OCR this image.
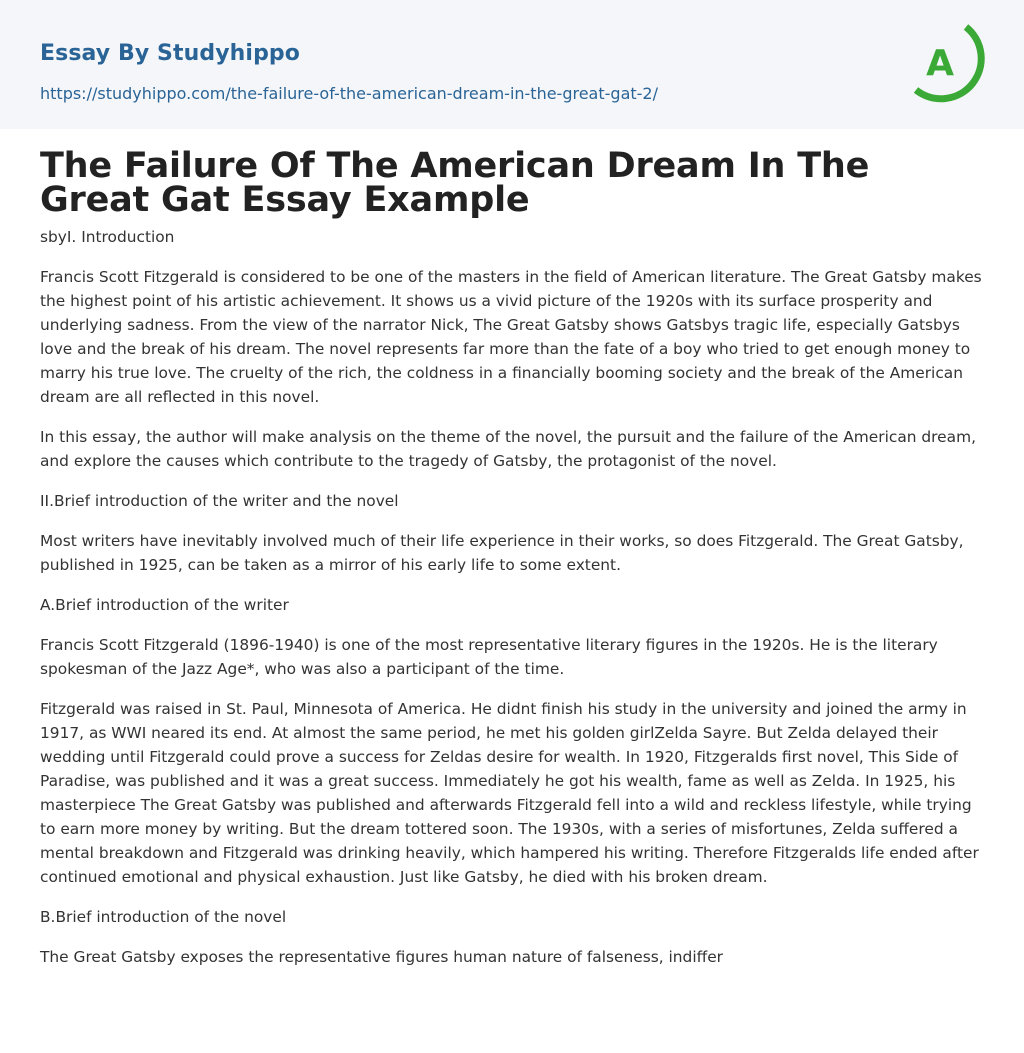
Essay By Studyhippo
https://studyhippo.com/the-failure-of-the-american-dream-in-the-great-gat-2/
A
The Failure Of The American Dream In The Great Gat Essay Example

sbyI. Introduction

Francis Scott Fitzgerald is considered to be one of the masters in the field of American literature. The Great Gatsby makes the highest point of his artistic achievement. It shows us a vivid picture of the 1920s with its surface prosperity and underlying sadness. From the view of the narrator Nick, The Great Gatsby shows Gatsbys tragic life, especially Gatsbys love and the break of his dream. The novel represents far more than the fate of a boy who tried to get enough money to marry his true love. The cruelty of the rich, the coldness in a financially booming society and the break of the American dream are all reflected in this novel.

In this essay, the author will make analysis on the theme of the novel, the pursuit and the failure of the American dream, and explore the causes which contribute to the tragedy of Gatsby, the protagonist of the novel.

II.Brief introduction of the writer and the novel

Most writers have inevitably involved much of their life experience in their works, so does Fitzgerald. The Great Gatsby, published in 1925, can be taken as a mirror of his early life to some extent.

A.Brief introduction of the writer

Francis Scott Fitzgerald (1896-1940) is one of the most representative literary figures in the 1920s. He is the literary spokesman of the Jazz Age*, who was also a participant of the time.

Fitzgerald was raised in St. Paul, Minnesota of America. He didnt finish his study in the university and joined the army in 1917, as WWI neared its end. At almost the same period, he met his golden girlZelda Sayre. But Zelda delayed their wedding until Fitzgerald could prove a success for Zeldas desire for wealth. In 1920, Fitzgeralds first novel, This Side of Paradise, was published and it was a great success. Immediately he got his wealth, fame as well as Zelda. In 1925, his masterpiece The Great Gatsby was published and afterwards Fitzgerald fell into a wild and reckless lifestyle, while trying to earn more money by writing. But the dream tottered soon. The 1930s, with a series of misfortunes, Zelda suffered a mental breakdown and Fitzgerald was drinking heavily, which hampered his writing. Therefore Fitzgeralds life ended after continued emotional and physical exhaustion. Just like Gatsby, he died with his broken dream.

B.Brief introduction of the novel

The Great Gatsby exposes the representative figures human nature of falseness, indiffer
